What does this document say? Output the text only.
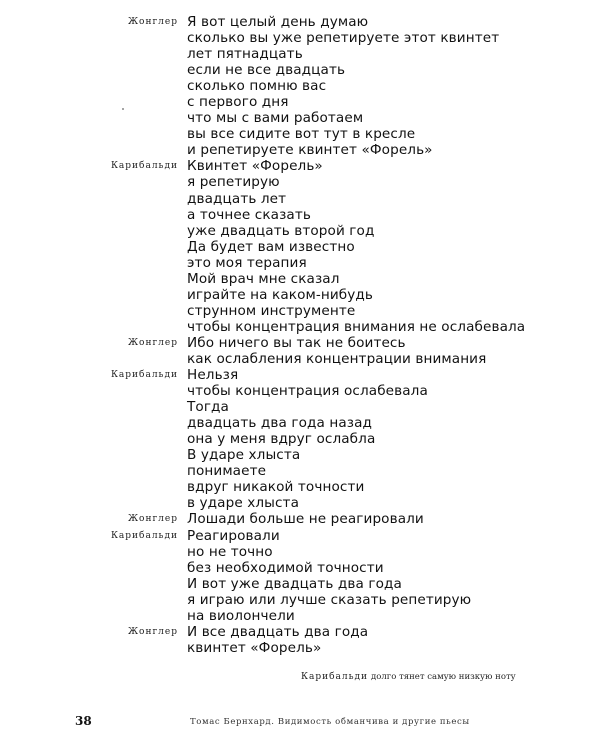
Жонглер Я вот целый день думаю
сколько вы уже репетируете этот квинтет
лет пятнадцать
если не все двадцать
сколько помню вас
с первого дня
что мы с вами работаем
вы все сидите вот тут в кресле
и репетируете квинтет «Форель»
Карибальди Квинтет «Форель»
я репетирую
двадцать лет
а точнее сказать
уже двадцать второй год
Да будет вам известно
это моя терапия
Мой врач мне сказал
играйте на каком-нибудь
струнном инструменте
чтобы концентрация внимания не ослабевала
Жонглер Ибо ничего вы так не боитесь
как ослабления концентрации внимания
Карибальди Нельзя
чтобы концентрация ослабевала
Тогда
двадцать два года назад
она у меня вдруг ослабла
В ударе хлыста
понимаете
вдруг никакой точности
в ударе хлыста
Жонглер Лошади больше не реагировали
Карибальди Реагировали
но не точно
без необходимой точности
И вот уже двадцать два года
я играю или лучше сказать репетирую
на виолончели
Жонглер И все двадцать два года
квинтет «Форель»
Карибальди долго тянет самую низкую ноту
38	Томас Бернхард. Видимость обманчива и другие пьесы
